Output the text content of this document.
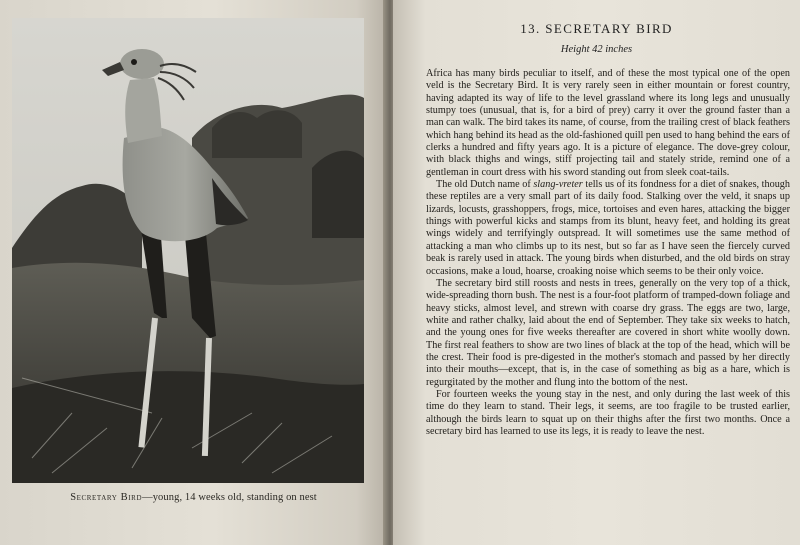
Secretary Bird—young, 14 weeks old, standing on nest
13. SECRETARY BIRD
Height 42 inches

Africa has many birds peculiar to itself, and of these the most typical one of the open veld is the Secretary Bird. It is very rarely seen in either mountain or forest country, having adapted its way of life to the level grassland where its long legs and unusually stumpy toes (unusual, that is, for a bird of prey) carry it over the ground faster than a man can walk. The bird takes its name, of course, from the trailing crest of black feathers which hang behind its head as the old-fashioned quill pen used to hang behind the ears of clerks a hundred and fifty years ago. It is a picture of elegance. The dove-grey colour, with black thighs and wings, stiff projecting tail and stately stride, remind one of a gentleman in court dress with his sword standing out from sleek coat-tails.

The old Dutch name of slang-vreter tells us of its fondness for a diet of snakes, though these reptiles are a very small part of its daily food. Stalking over the veld, it snaps up lizards, locusts, grasshoppers, frogs, mice, tortoises and even hares, attacking the bigger things with powerful kicks and stamps from its blunt, heavy feet, and holding its great wings widely and terrifyingly outspread. It will sometimes use the same method of attacking a man who climbs up to its nest, but so far as I have seen the fiercely curved beak is rarely used in attack. The young birds when disturbed, and the old birds on stray occasions, make a loud, hoarse, croaking noise which seems to be their only voice.

The secretary bird still roosts and nests in trees, generally on the very top of a thick, wide-spreading thorn bush. The nest is a four-foot platform of tramped-down foliage and heavy sticks, almost level, and strewn with coarse dry grass. The eggs are two, large, white and rather chalky, laid about the end of September. They take six weeks to hatch, and the young ones for five weeks thereafter are covered in short white woolly down. The first real feathers to show are two lines of black at the top of the head, which will be the crest. Their food is pre-digested in the mother's stomach and passed by her directly into their mouths—except, that is, in the case of something as big as a hare, which is regurgitated by the mother and flung into the bottom of the nest.

For fourteen weeks the young stay in the nest, and only during the last week of this time do they learn to stand. Their legs, it seems, are too fragile to be trusted earlier, although the birds learn to squat up on their thighs after the first two months. Once a secretary bird has learned to use its legs, it is ready to leave the nest.
